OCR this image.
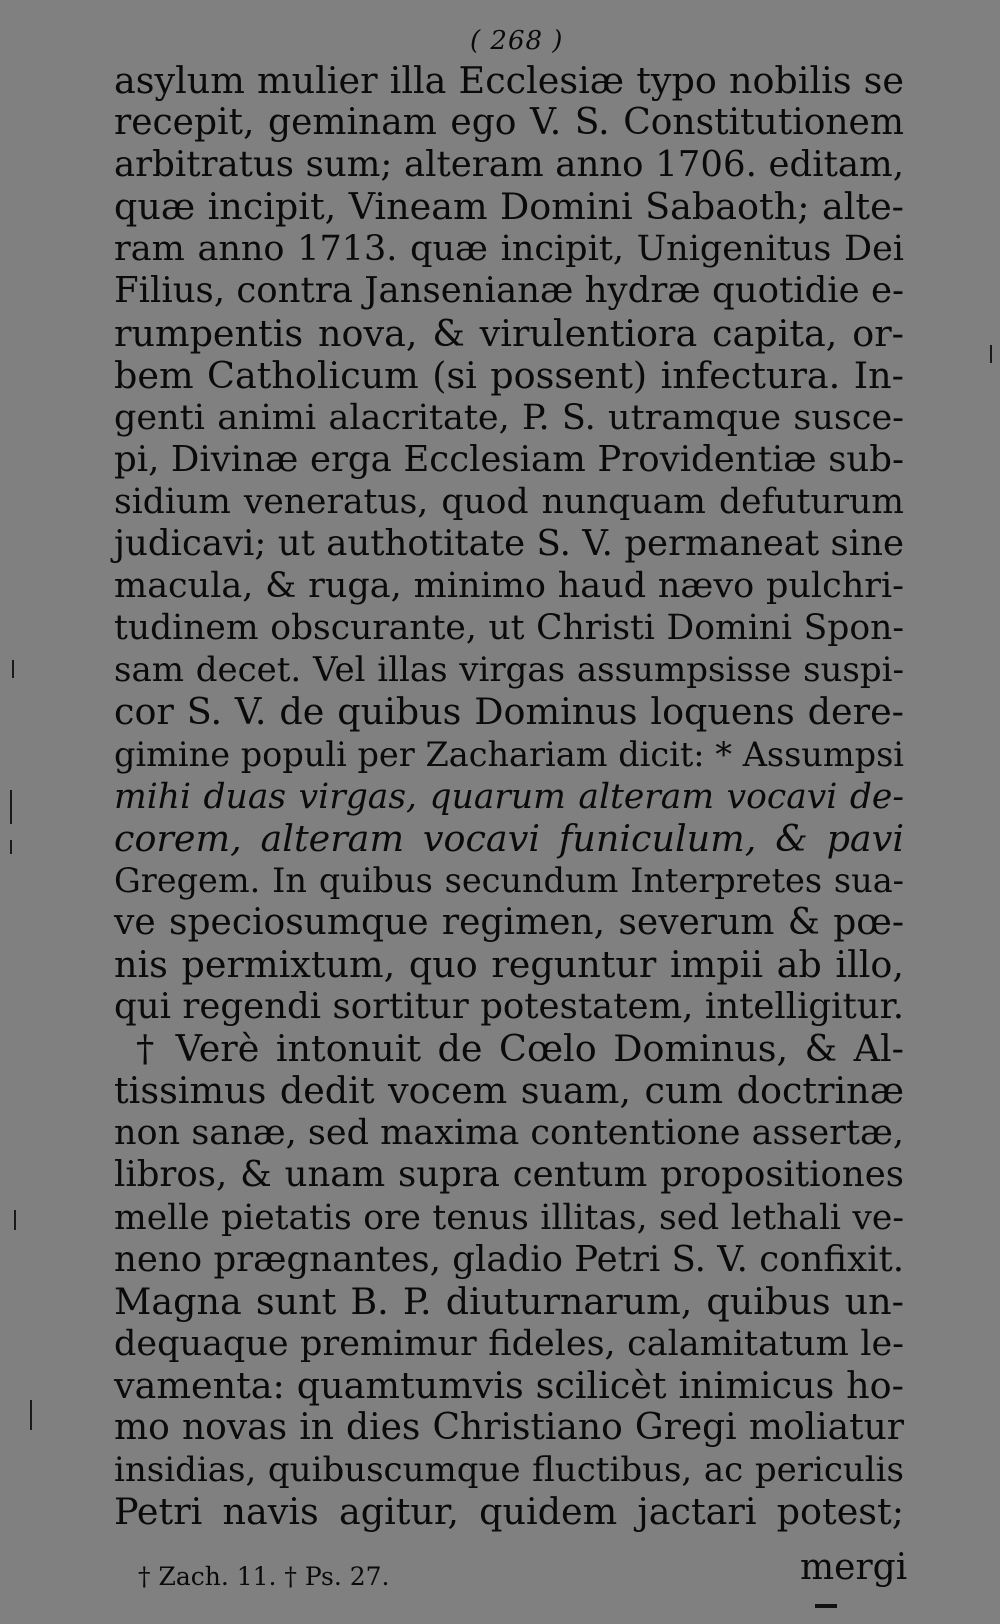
( 268 )
asylum mulier illa Ecclesiæ typo nobilis se
recepit, geminam ego V. S. Constitutionem
arbitratus sum; alteram anno 1706. editam,
quæ incipit, Vineam Domini Sabaoth; alte-
ram anno 1713. quæ incipit, Unigenitus Dei
Filius, contra Jansenianæ hydræ quotidie e-
rumpentis nova, & virulentiora capita, or-
bem Catholicum (si possent) infectura. In-
genti animi alacritate, P. S. utramque susce-
pi, Divinæ erga Ecclesiam Providentiæ sub-
sidium veneratus, quod nunquam defuturum
judicavi; ut authotitate S. V. permaneat sine
macula, & ruga, minimo haud nævo pulchri-
tudinem obscurante, ut Christi Domini Spon-
sam decet. Vel illas virgas assumpsisse suspi-
cor S. V. de quibus Dominus loquens dere-
gimine populi per Zachariam dicit: * Assumpsi
mihi duas virgas, quarum alteram vocavi de-
corem, alteram vocavi funiculum, & pavi
Gregem. In quibus secundum Interpretes sua-
ve speciosumque regimen, severum & pœ-
nis permixtum, quo reguntur impii ab illo,
qui regendi sortitur potestatem, intelligitur.
† Verè intonuit de Cœlo Dominus, & Al-
tissimus dedit vocem suam, cum doctrinæ
non sanæ, sed maxima contentione assertæ,
libros, & unam supra centum propositiones
melle pietatis ore tenus illitas, sed lethali ve-
neno prægnantes, gladio Petri S. V. confixit.
Magna sunt B. P. diuturnarum, quibus un-
dequaque premimur fideles, calamitatum le-
vamenta: quamtumvis scilicèt inimicus ho-
mo novas in dies Christiano Gregi moliatur
insidias, quibuscumque fluctibus, ac periculis
Petri navis agitur, quidem jactari potest;
mergi
† Zach. 11. † Ps. 27.
